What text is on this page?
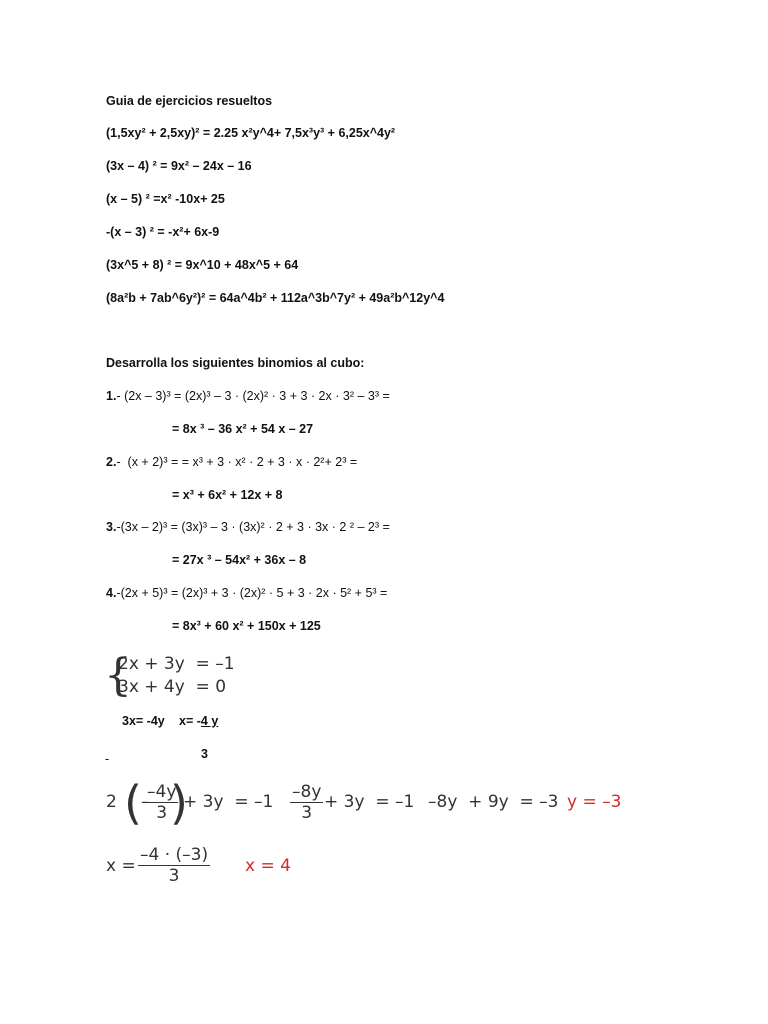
Guia de ejercicios resueltos
(1,5xy² + 2,5xy)² = 2.25 x²y^4+ 7,5x³y³ + 6,25x^4y²
(3x – 4) ² = 9x² – 24x – 16
(x – 5) ² =x² -10x+ 25
-(x – 3) ² = -x²+ 6x-9
(3x^5 + 8) ² = 9x^10 + 48x^5 + 64
(8a²b + 7ab^6y²)² = 64a^4b² + 112a^3b^7y² + 49a²b^12y^4
Desarrolla los siguientes binomios al cubo:
1.- (2x – 3)³ = (2x)³ – 3 · (2x)² · 3 + 3 · 2x · 3² – 3³ =
= 8x ³ – 36 x² + 54 x – 27
2.-  (x + 2)³ = = x³ + 3 · x² · 2 + 3 · x · 2²+ 2³ =
= x³ + 6x² + 12x + 8
3.-(3x – 2)³ = (3x)³ – 3 · (3x)² · 2 + 3 · 3x · 2 ² – 2³ =
= 27x ³ – 54x² + 36x – 8
4.-(2x + 5)³ = (2x)³ + 3 · (2x)² · 5 + 3 · 2x · 5² + 5³ =
= 8x³ + 60 x² + 150x + 125
{
2x + 3y  = –1
3x + 4y  = 0
3x= -4y x= -4 y
3
-
2 ( –
$\frac{-4y}{3}$
)
+ $3y = -1 \frac{-8y}{3} + 3y = -1$ –8y  + 9y  = –3 y = –3
$x = \frac{-4 \cdot (-3)}{3}$ x = 4
